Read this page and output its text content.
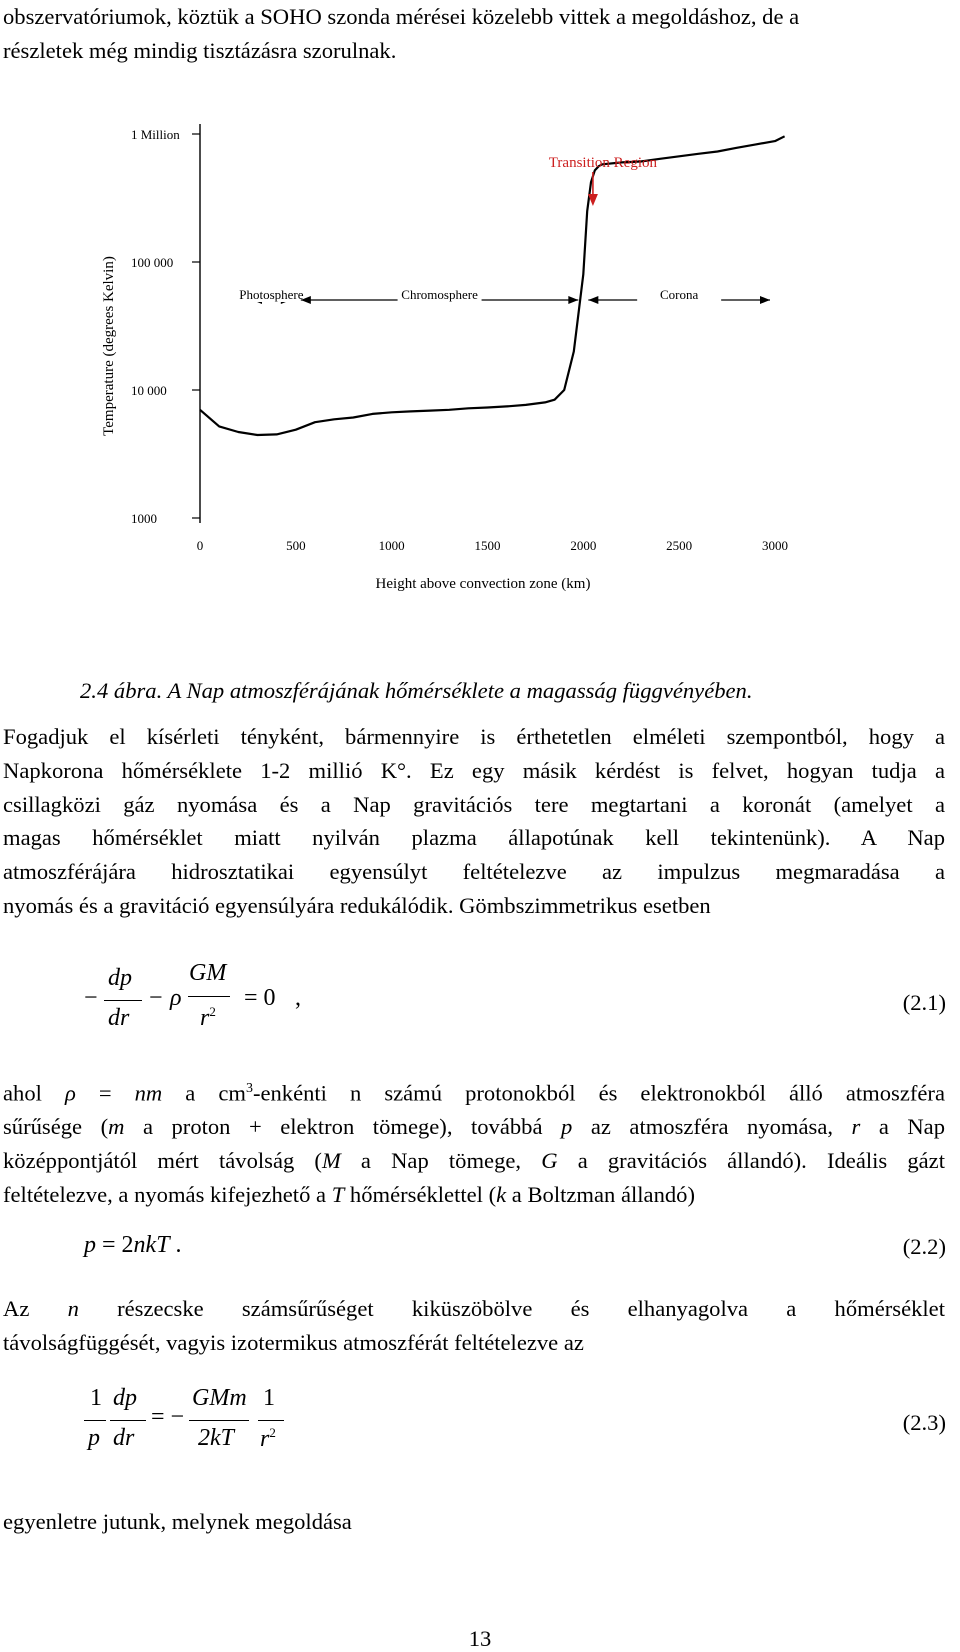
obszervatóriumok, köztük a SOHO szonda mérései közelebb vittek a megoldáshoz, de a
részletek még mindig tisztázásra szorulnak.
1000
10 000
100 000
1 Million
0	500	1000	1500	2000	2500	3000
Height above convection zone (km)
Temperature (degrees Kelvin)	Photosphere	Chromosphere	Corona
Transition Region
2.4 ábra. A Nap atmoszférájának hőmérséklete a magasság függvényében.
Fogadjuk el kísérleti tényként, bármennyire is érthetetlen elméleti szempontból, hogy a
Napkorona hőmérséklete 1-2 millió K°. Ez egy másik kérdést is felvet, hogyan tudja a
csillagközi gáz nyomása és a Nap gravitációs tere megtartani a koronát (amelyet a
magas hőmérséklet miatt nyilván plazma állapotúnak kell tekintenünk). A Nap
atmoszférájára hidrosztatikai egyensúlyt feltételezve az impulzus megmaradása a
nyomás és a gravitáció egyensúlyára redukálódik. Gömbszimmetrikus esetben
−
dp
dr
− ρ
GM
$r^2$
= 0 ,	(2.1)
ahol ρ = nm a $cm^3$-enkénti n számú protonokból és elektronokból álló atmoszféra
sűrűsége (m a proton + elektron tömege), továbbá p az atmoszféra nyomása, r a Nap
középpontjától mért távolság (M a Nap tömege, G a gravitációs állandó). Ideális gázt
feltételezve, a nyomás kifejezhető a T hőmérséklettel (k a Boltzman állandó)
p = 2nkT .	(2.2)
Az  n  részecske  számsűrűséget  kiküszöbölve  és  elhanyagolva  a  hőmérséklet
távolságfüggését, vagyis izotermikus atmoszférát feltételezve az
1
p
dp
dr
= −
GMm
2kT
1
$r^2$	(2.3)
egyenletre jutunk, melynek megoldása
13
